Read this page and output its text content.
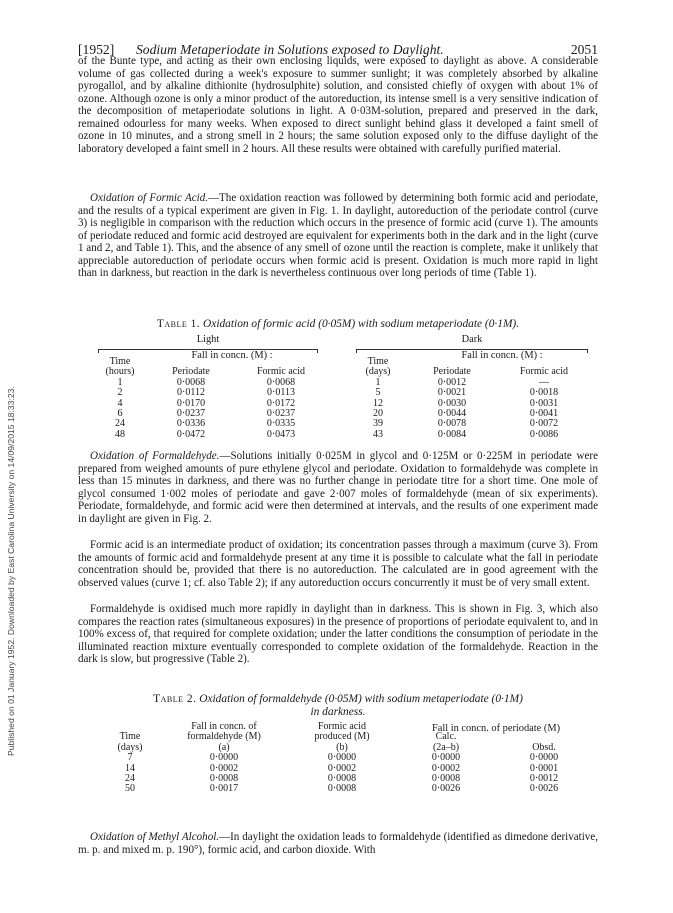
Published on 01 January 1952. Downloaded by East Carolina University on 14/09/2015 18:33:23.
[1952] Sodium Metaperiodate in Solutions exposed to Daylight.	2051

of the Bunte type, and acting as their own enclosing liquids, were exposed to daylight as above. A considerable volume of gas collected during a week's exposure to summer sunlight; it was completely absorbed by alkaline pyrogallol, and by alkaline dithionite (hydrosulphite) solution, and consisted chiefly of oxygen with about 1% of ozone. Although ozone is only a minor product of the autoreduction, its intense smell is a very sensitive indication of the decomposition of metaperiodate solutions in light. A 0·03M-solution, prepared and preserved in the dark, remained odourless for many weeks. When exposed to direct sunlight behind glass it developed a faint smell of ozone in 10 minutes, and a strong smell in 2 hours; the same solution exposed only to the diffuse daylight of the laboratory developed a faint smell in 2 hours. All these results were obtained with carefully purified material.

Oxidation of Formic Acid.—The oxidation reaction was followed by determining both formic acid and periodate, and the results of a typical experiment are given in Fig. 1. In daylight, autoreduction of the periodate control (curve 3) is negligible in comparison with the reduction which occurs in the presence of formic acid (curve 1). The amounts of periodate reduced and formic acid destroyed are equivalent for experiments both in the dark and in the light (curve 1 and 2, and Table 1). This, and the absence of any smell of ozone until the reaction is complete, make it unlikely that appreciable autoreduction of periodate occurs when formic acid is present. Oxidation is much more rapid in light than in darkness, but reaction in the dark is nevertheless continuous over long periods of time (Table 1).

Table 1. Oxidation of formic acid (0·05M) with sodium metaperiodate (0·1M).
Light	Dark
Fall in concn. (M) :	Fall in concn. (M) :
Time		
(hours)	Periodate	Formic acid
1	0·0068	0·0068
2	0·0112	0·0113
4	0·0170	0·0172
6	0·0237	0·0237
24	0·0336	0·0335
48	0·0472	0·0473
Time		
(days)	Periodate	Formic acid
1	0·0012	—
5	0·0021	0·0018
12	0·0030	0·0031
20	0·0044	0·0041
39	0·0078	0·0072
43	0·0084	0·0086

Oxidation of Formaldehyde.—Solutions initially 0·025M in glycol and 0·125M or 0·225M in periodate were prepared from weighed amounts of pure ethylene glycol and periodate. Oxidation to formaldehyde was complete in less than 15 minutes in darkness, and there was no further change in periodate titre for a short time. One mole of glycol consumed 1·002 moles of periodate and gave 2·007 moles of formaldehyde (mean of six experiments). Periodate, formaldehyde, and formic acid were then determined at intervals, and the results of one experiment made in daylight are given in Fig. 2.

Formic acid is an intermediate product of oxidation; its concentration passes through a maximum (curve 3). From the amounts of formic acid and formaldehyde present at any time it is possible to calculate what the fall in periodate concentration should be, provided that there is no autoreduction. The calculated are in good agreement with the observed values (curve 1; cf. also Table 2); if any autoreduction occurs concurrently it must be of very small extent.

Formaldehyde is oxidised much more rapidly in daylight than in darkness. This is shown in Fig. 3, which also compares the reaction rates (simultaneous exposures) in the presence of proportions of periodate equivalent to, and in 100% excess of, that required for complete oxidation; under the latter conditions the consumption of periodate in the illuminated reaction mixture eventually corresponded to complete oxidation of the formaldehyde. Reaction in the dark is slow, but progressive (Table 2).

Table 2. Oxidation of formaldehyde (0·05M) with sodium metaperiodate (0·1M)
in darkness.
Fall in concn. of periodate (M)
	Fall in concn. of	Formic acid		
Time	formaldehyde (M)	produced (M)	Calc.	
(days)	(a)	(b)	(2a–b)	Obsd.
7	0·0000	0·0000	0·0000	0·0000
14	0·0002	0·0002	0·0002	0·0001
24	0·0008	0·0008	0·0008	0·0012
50	0·0017	0·0008	0·0026	0·0026

Oxidation of Methyl Alcohol.—In daylight the oxidation leads to formaldehyde (identified as dimedone derivative, m. p. and mixed m. p. 190°), formic acid, and carbon dioxide. With
